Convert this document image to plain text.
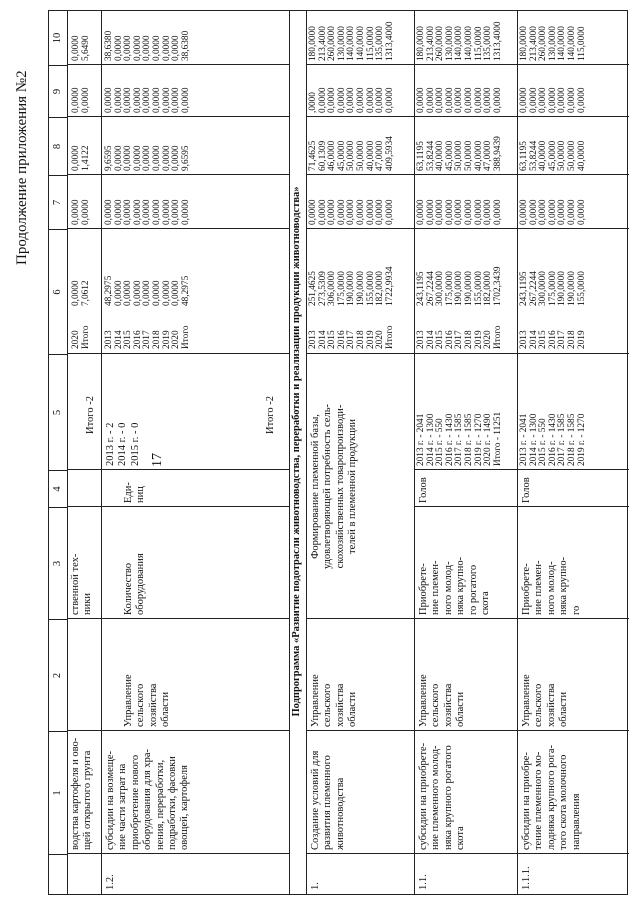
17
Продолжение приложения №2
1
2
3
4
5
6
7
8
9
10
водства картофеля и ово-
щей открытого грунта
ственной тех-
ники
Итого -2
2020
Итого
0,0000
7,0612
0,0000
0,0000
0,0000
1,4122
0,0000
0,0000
0,0000
5,6490
1.2.
субсидии на возмеще-
ние части затрат на
приобретение нового
оборудования для хра-
нения, переработки,
подработки, фасовки
овощей, картофеля
Управление
сельского
хозяйства
области
Количество
оборудования
Еди-
ниц
2013 г. - 2
2014 г. - 0
2015 г. - 0	Итого -2
2013
2014
2015
2016
2017
2018
2019
2020
Итого
48,2975
0,0000
0,0000
0,0000
0,0000
0,0000
0,0000
0,0000
48,2975
0,0000
0,0000
0,0000
0,0000
0,0000
0,0000
0,0000
0,0000
0,0000
9,6595
0,0000
0,0000
0,0000
0,0000
0,0000
0,0000
0,0000
9,6595
0,0000
0,0000
0,0000
0,0000
0,0000
0,0000
0,0000
0,0000
0,0000
38,6380
0,0000
0,0000
0,0000
0,0000
0,0000
0,0000
0,0000
38,6380
Подпрограмма «Развитие подотрасли животноводства, переработки и реализации продукции животноводства»
1.
Создание условий для
развития племенного
животноводства
Управление
сельского
хозяйства
области
Формирование племенной базы,
удовлетворяющей потребность сель-
скохозяйственных товаропроизводи-
телей в племенной продукции
2013
2014
2015
2016
2017
2018
2019
2020
Итого
251,4625
273,5309
306,0000
175,0000
190,0000
190,0000
155,0000
182,0000
1722,9934
0,0000
0,0000
0,0000
0,0000
0,0000
0,0000
0,0000
0,0000
0,0000
71,4625
60,1309
46,0000
45,0000
50,0000
50,0000
40,0000
47,0000
409,5934
,0000
0,0000
0,0000
0,0000
0,0000
0,0000
0,0000
0,0000
0,0000
180,0000
213,4000
260,0000
130,0000
140,0000
140,0000
115,0000
135,0000
1313,4000
1.1.
субсидии на приобрете-
ние племенного молод-
няка крупного рогатого
скота
Управление
сельского
хозяйства
области
Приобрете-
ние племен-
ного молод-
няка крупно-
го рогатого
скота
Голов
2013 г. - 2041
2014 г. - 1300
2015 г. - 550
2016 г. - 1430
2017 г. - 1585
2018 г. - 1585
2019 г. - 1270
2020 г. - 1490
Итого - 11251
2013
2014
2015
2016
2017
2018
2019
2020
Итого
243,1195
267,2244
300,0000
175,0000
190,0000
190,0000
155,0000
182,0000
1702,3439
0,0000
0,0000
0,0000
0,0000
0,0000
0,0000
0,0000
0,0000
0,0000
63,1195
53,8244
40,0000
45,0000
50,0000
50,0000
40,0000
47,0000
388,9439
0,0000
0,0000
0,0000
0,0000
0,0000
0,0000
0,0000
0,0000
0,0000
180,0000
213,4000
260,0000
130,0000
140,0000
140,0000
115,0000
135,0000
1313,4000
1.1.1.
субсидии на приобре-
тение племенного мо-
лодняка крупного рога-
того скота молочного
направления
Управление
сельского
хозяйства
области
Приобрете-
ние племен-
ного молод-
няка крупно-
го
Голов
2013 г. - 2041
2014 г. - 1300
2015 г. - 550
2016 г. - 1430
2017 г. - 1585
2018 г. - 1585
2019 г. - 1270
2013
2014
2015
2016
2017
2018
2019
243,1195
267,2244
300,0000
175,0000
190,0000
190,0000
155,0000
0,0000
0,0000
0,0000
0,0000
0,0000
0,0000
0,0000
63,1195
53,8244
40,0000
45,0000
50,0000
50,0000
40,0000
0,0000
0,0000
0,0000
0,0000
0,0000
0,0000
0,0000
180,0000
213,4000
260,0000
130,0000
140,0000
140,0000
115,0000
